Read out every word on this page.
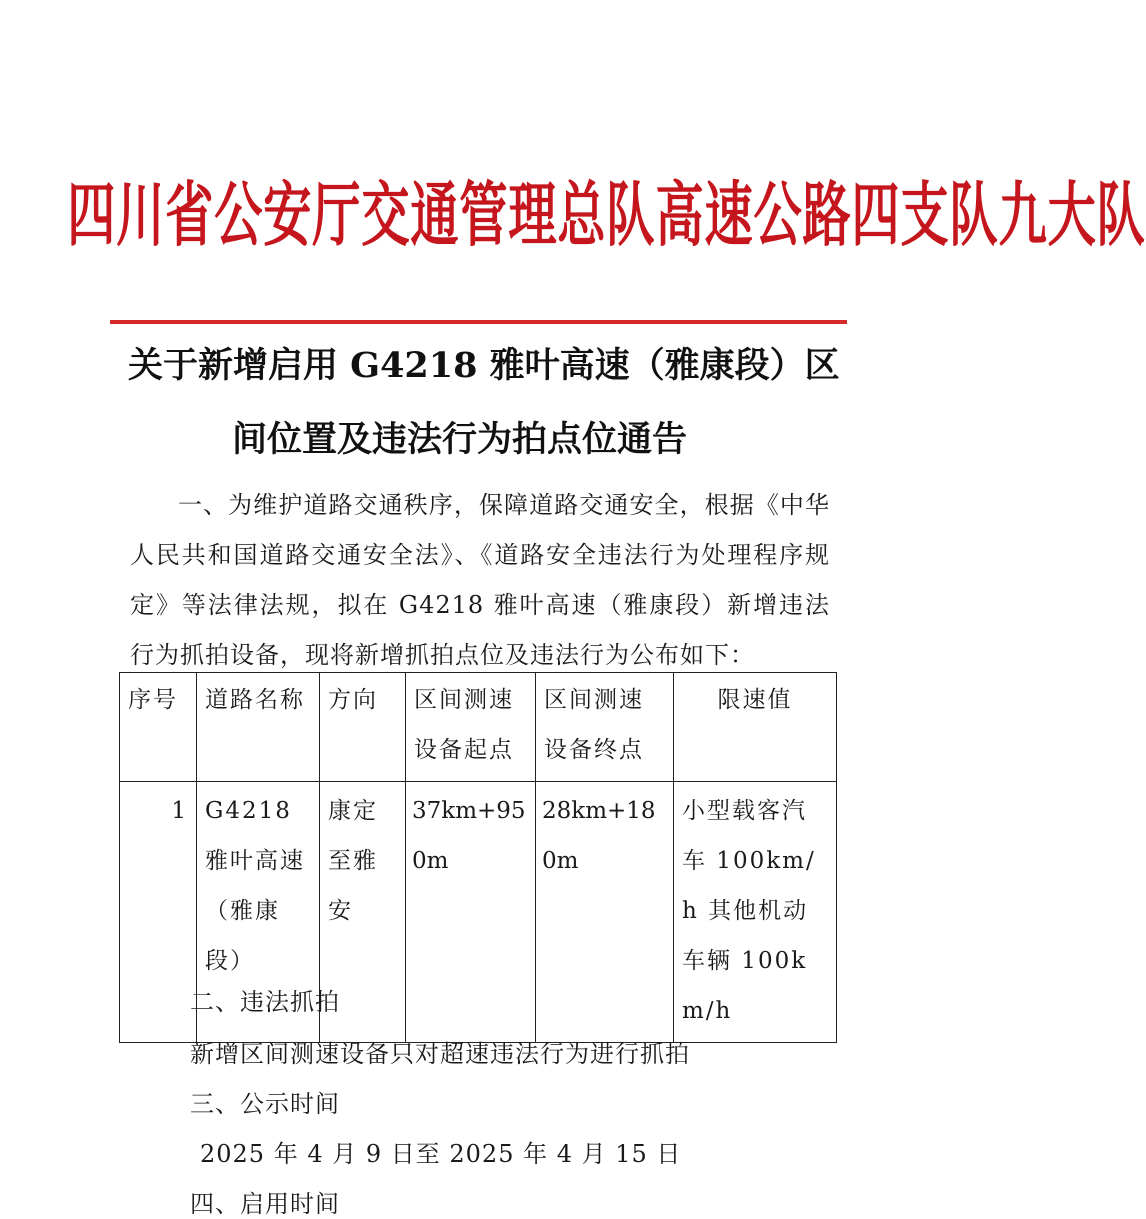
四川省公安厅交通管理总队高速公路四支队九大队
关于新增启用 G4218 雅叶高速（雅康段）区
间位置及违法行为拍点位通告
一、为维护道路交通秩序，保障道路交通安全，根据《中华人民共和国道路交通安全法》、《道路安全违法行为处理程序规定》等法律法规，拟在 G4218 雅叶高速（雅康段）新增违法行为抓拍设备，现将新增抓拍点位及违法行为公布如下：
序号	道路名称	方向	区间测速设备起点	区间测速设备终点	限速值
1	G4218 雅叶高速（雅康段）	康定至雅安	37km+950m	28km+180m	小型载客汽车 100km/h 其他机动车辆 100km/h
二、违法抓拍
新增区间测速设备只对超速违法行为进行抓拍
三、公示时间
2025 年 4 月 9 日至 2025 年 4 月 15 日
四、启用时间
